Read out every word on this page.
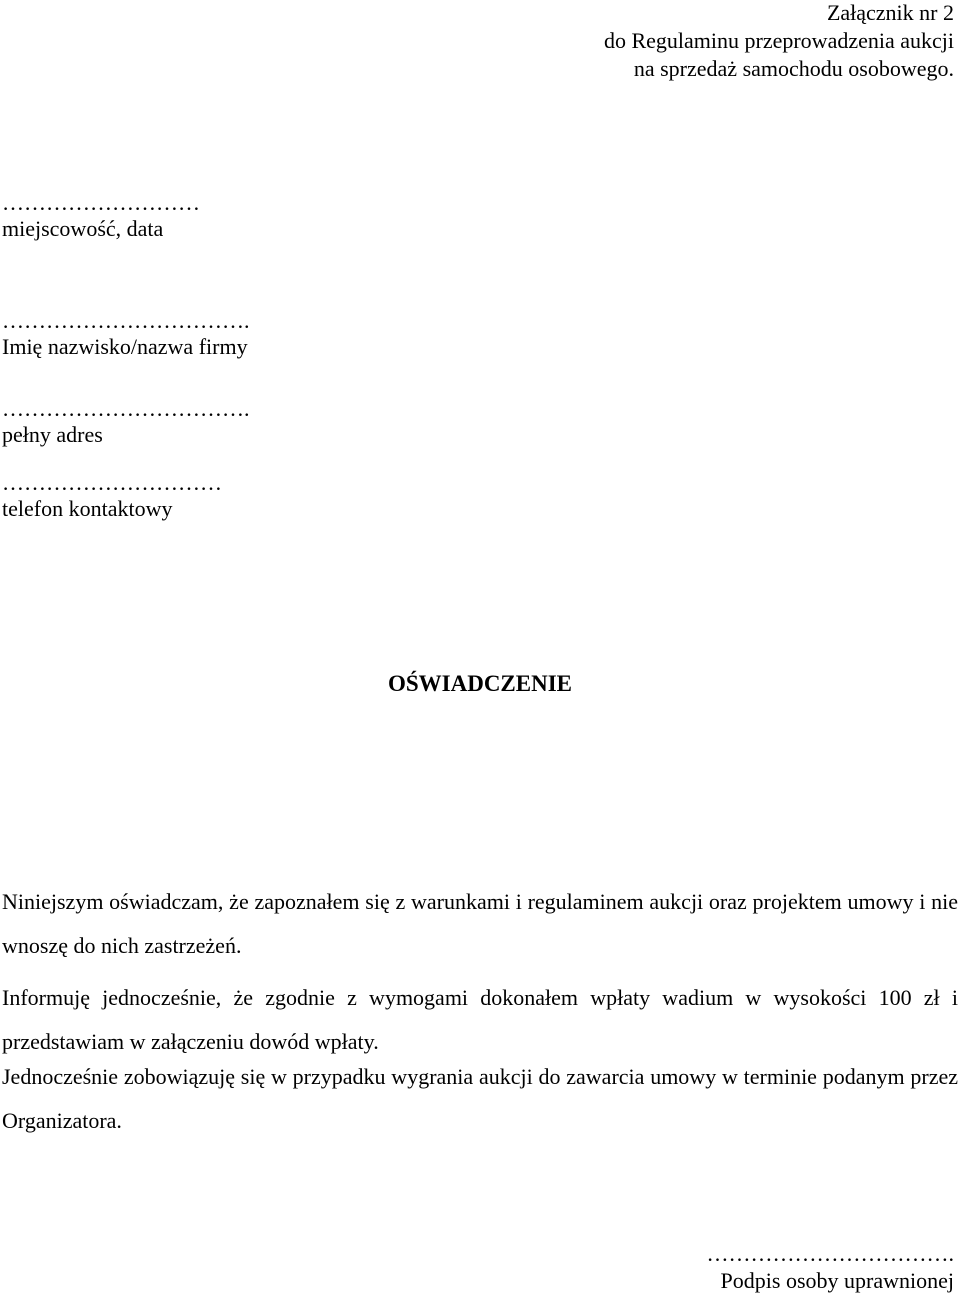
Załącznik nr 2
do Regulaminu przeprowadzenia aukcji
na sprzedaż samochodu osobowego.
………………………
miejscowość, data
…………………………….
Imię nazwisko/nazwa firmy
…………………………….
pełny adres
…………………………
telefon kontaktowy
OŚWIADCZENIE

Niniejszym oświadczam, że zapoznałem się z warunkami i regulaminem aukcji oraz projektem umowy i nie wnoszę do nich zastrzeżeń.

Informuję jednocześnie, że zgodnie z wymogami dokonałem wpłaty wadium w wysokości 100 zł i przedstawiam w załączeniu dowód wpłaty.

Jednocześnie zobowiązuję się w przypadku wygrania aukcji do zawarcia umowy w terminie podanym przez Organizatora.

…………………………….
Podpis osoby uprawnionej
